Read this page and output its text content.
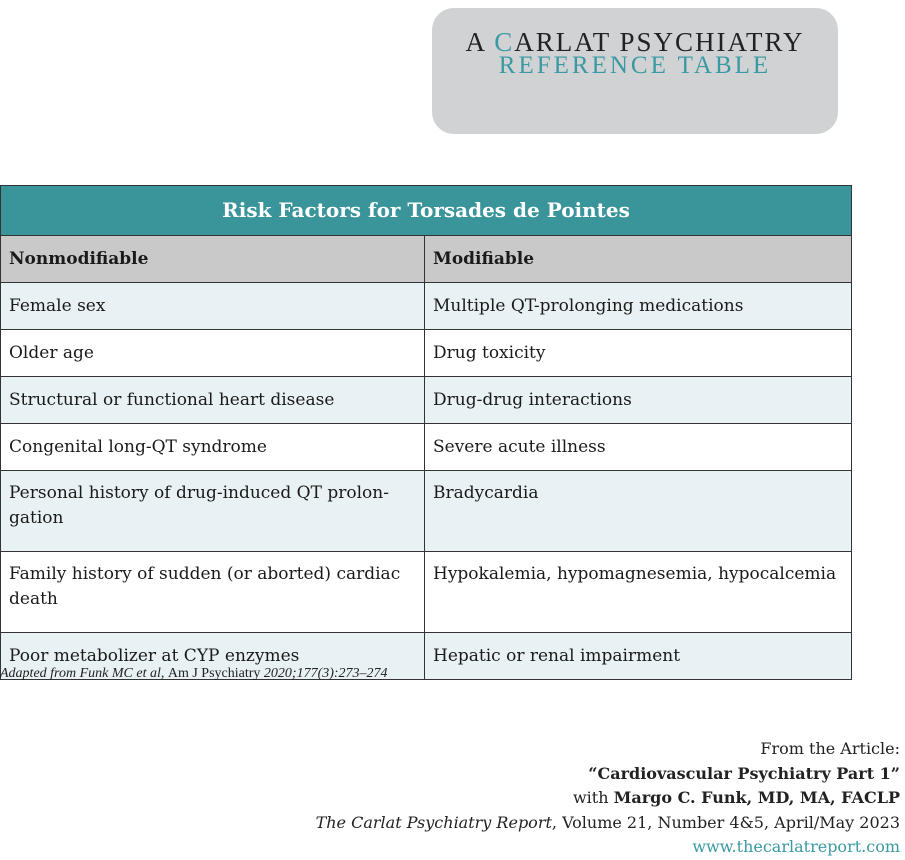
A CARLAT PSYCHIATRY
REFERENCE TABLE
Risk Factors for Torsades de Pointes	
Nonmodifiable	Modifiable
Female sex	Multiple QT-prolonging medications
Older age	Drug toxicity
Structural or functional heart disease	Drug-drug interactions
Congenital long-QT syndrome	Severe acute illness
Personal history of drug-induced QT prolon-gation	Bradycardia
Family history of sudden (or aborted) cardiac death	Hypokalemia, hypomagnesemia, hypocalcemia
Poor metabolizer at CYP enzymes	Hepatic or renal impairment
Adapted from Funk MC et al, Am J Psychiatry 2020;177(3):273–274
From the Article:
“Cardiovascular Psychiatry Part 1”
with Margo C. Funk, MD, MA, FACLP
The Carlat Psychiatry Report, Volume 21, Number 4&5, April/May 2023
www.thecarlatreport.com
